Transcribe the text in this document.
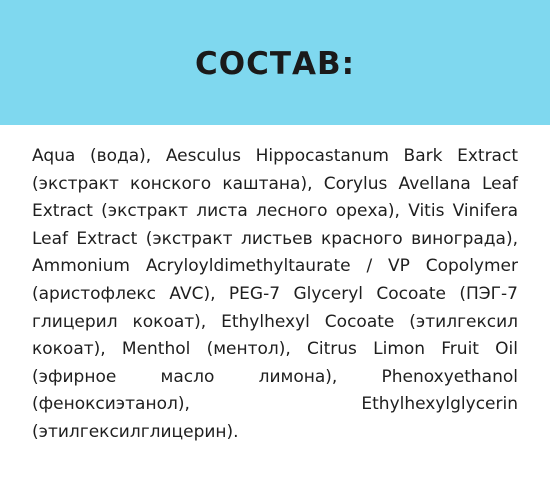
СОСТАВ:

Aqua (вода), Aesculus Hippocastanum Bark Extract (экстракт конского каштана), Corylus Avellana Leaf Extract (экстракт листа лесного ореха), Vitis Vinifera Leaf Extract (экстракт листьев красного винограда), Ammonium Acryloyldimethyltaurate / VP Copolymer (аристофлекс AVC), PEG-7 Glyceryl Cocoate (ПЭГ-7 глицерил кокоат), Ethylhexyl Cocoate (этилгексил кокоат), Menthol (ментол), Citrus Limon Fruit Oil (эфирное масло лимона), Phenoxyethanol (феноксиэтанол), Ethylhexylglycerin (этилгексилглицерин).
